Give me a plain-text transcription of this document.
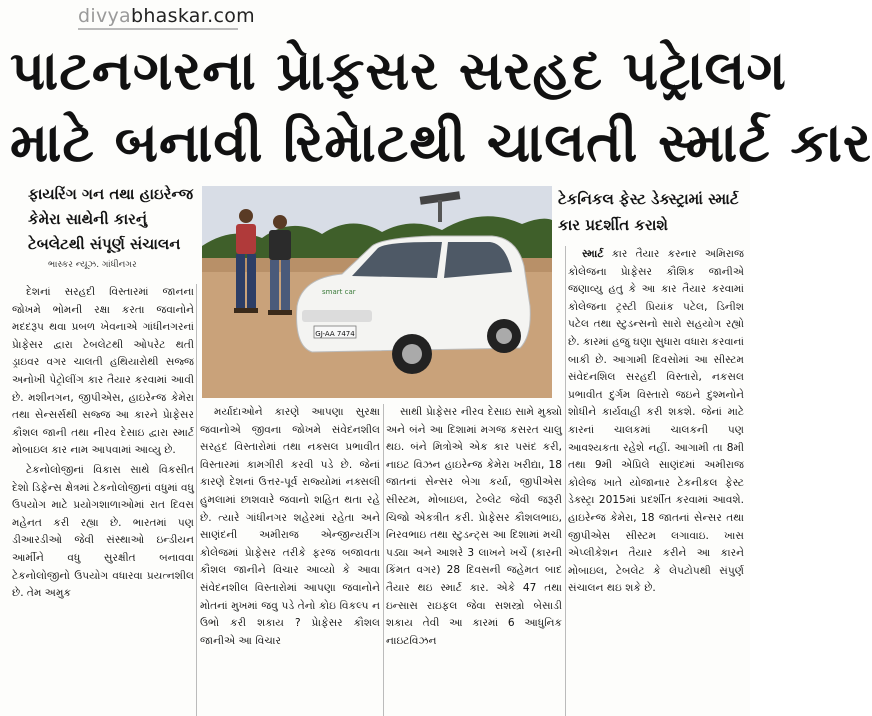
divyabhaskar.com
પાટનગરના પ્રાેફસર સરહદ પટ્રાેલગ
માટે બનાવી રિમાેટથી ચાલતી સ્માર્ટ કાર
ફાયરિંગ ગન તથા હાઇરેન્જ કેમેરા સાથેની કારનું ટેબલેટથી સંપૂર્ણ સંચાલન
ભાસ્કર ન્યૂઝ. ગાંધીનગર
ટેકનિકલ ફેસ્ટ ડેક્સ્ટ્રામાં સ્માર્ટ કાર પ્રદર્શીત કરાશે
GJ-AA 7474
smart car

દેશનાં સરહદી વિસ્તારમાં જાનના જોખમે ભોમની રક્ષા કરતા જવાનોને મદદરૂપ થવા પ્રબળ ખેવનાએ ગાંધીનગરનાં પ્રાેફેસર દ્વારા ટેબલેટથી ઓપરેટ થતી ડ્રાઇવર વગર ચાલતી હથિયારોથી સજ્જ અનોખી પેટ્રોલીંગ કાર તૈયાર કરવામાં આવી છે. મશીનગન, જીપીએસ, હાઇરેન્જ કેમેરા તથા સેન્સર્સથી સજ્જ આ કારને પ્રાેફેસર કૌશલ જાની તથા નીરવ દેસાઇ દ્વારા સ્માર્ટ મોબાઇલ કાર નામ આપવામાં આવ્યુ છે.

ટેકનોલોજીનાં વિકાસ સાથે વિકસીત દેશો ડિફેન્સ ક્ષેત્રમાં ટેકનોલોજીનાં વધુમાં વધુ ઉપયોગ માટે પ્રયોગશાળાઓમાં રાત દિવસ મહેનત કરી રહ્યા છે. ભારતમાં પણ ડીઆરડીઓ જેવી સંસ્થાઓ ઇન્ડીયન આર્મીને વધુ સુરક્ષીત બનાવવા ટેકનોલોજીનો ઉપયોગ વધારવા પ્રયત્નશીલ છે. તેમ અમુક

મર્યાદાઓને કારણે આપણા સુરક્ષા જવાનોએ જીવના જોખમે સંવેદનશીલ સરહદ વિસ્તારોમાં તથા નક્સલ પ્રભાવીત વિસ્તારમાં કામગીરી કરવી પડે છે. જેનાં કારણે દેશનાં ઉત્તર-પૂર્વ રાજ્યોમાં નક્સલી હુમલામાં છાશવારે જવાનો શહિત થતા રહે છે. ત્યારે ગાંધીનગર શહેરમાં રહેતા અને સાણંદની અમીરાજ એન્જીન્યરીંગ કોલેજમાં પ્રાેફેસર તરીકે ફરજ બજાવતા કૌશલ જાનીને વિચાર આવ્યો કે આવા સંવેદનશીલ વિસ્તારોમાં આપણા જવાનોને મોતનાં મુખમાં જવુ પડે તેનો કોઇ વિકલ્પ ન ઉભો કરી શકાય ? પ્રાેફેસર કૌશલ જાનીએ આ વિચાર

સાથી પ્રાેફેસર નીરવ દેસાઇ સામે મુક્યો અને બંને આ દિશામાં મગજ કસરત ચાલુ થઇ. બંને મિત્રોએ એક કાર પસંદ કરી, નાઇટ વિઝન હાઇરેન્જ કેમેરા ખરીદ્યા, 18 જાતનાં સેન્સર બેગા કર્યા, જીપીએસ સીસ્ટમ, મોબાઇલ, ટેબ્લેટ જેવી જરૂરી ચિજો એકત્રીત કરી. પ્રાેફેસર કૌશલભાઇ, નિરવભાઇ તથા સ્ટુડન્ટ્સ આ દિશામાં મચી પડ્યા અને આશરે 3 લાખને ખર્ચે (કારની કિંમત વગર) 28 દિવસની જહેમત બાદ તૈયાર થઇ સ્માર્ટ કાર. એકે 47 તથા ઇન્સાસ રાઇફલ જેવા સશસ્ત્રો બેસાડી શકાય તેવી આ કારમાં 6 આધુનિક નાઇટવિઝન

સ્માર્ટ કાર તૈયાર કરનાર અમિરાજ કોલેજના પ્રાેફેસર કૌશિક જાનીએ જણાવ્યુ હતુ કે આ કાર તૈયાર કરવામાં કોલેજના ટ્રસ્ટી પ્રિયાંક પટેલ, ડિનીશ પટેલ તથા સ્ટુડન્સનો સારો સહયોગ રહ્યો છે. કારમાં હજુ ઘણા સુધારા વધારા કરવાનાં બાકી છે. આગામી દિવસોમાં આ સીસ્ટમ સંવેદનશિલ સરહદી વિસ્તારો, નકસલ પ્રભાવીત દુર્ગમ વિસ્તારો જઇને દુશ્મનોને શોધીને કાર્યવાહી કરી શકશે. જેનાં માટે કારનાં ચાલકમાં ચાલકની પણ આવશ્યકતા રહેશે નહીં. આગામી તા 8મી તથા 9મી એપ્રિલે સાણંદમાં અમીરાજ કોલેજ ખાતે યોજાનાર ટેકનીકલ ફેસ્ટ ડેક્સ્ટ્રા 2015માં પ્રદર્શીત કરવામાં આવશે. હાઇરેન્જ કેમેરા, 18 જાતનાં સેન્સર તથા જીપીએસ સીસ્ટમ લગાવાઇ. ખાસ એપ્લીકેશન તૈયાર કરીને આ કારને મોબાઇલ, ટેબલેટ કે લેપટોપથી સંપુર્ણ સંચાલન થઇ શકે છે.
